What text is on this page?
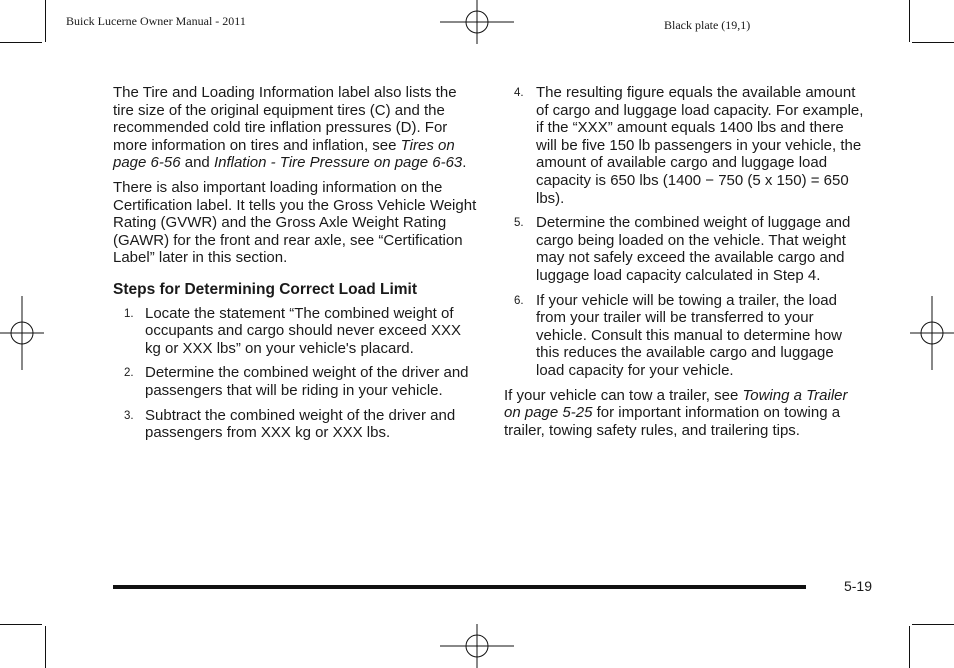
Buick Lucerne Owner Manual - 2011	Black plate (19,1)

The Tire and Loading Information label also lists the tire size of the original equipment tires (C) and the recommended cold tire inflation pressures (D). For more information on tires and inflation, see Tires on page 6-56 and Inflation - Tire Pressure on page 6-63.

There is also important loading information on the Certification label. It tells you the Gross Vehicle Weight Rating (GVWR) and the Gross Axle Weight Rating (GAWR) for the front and rear axle, see “Certification Label” later in this section.

Steps for Determining Correct Load Limit
1. Locate the statement “The combined weight of occupants and cargo should never exceed XXX kg or XXX lbs” on your vehicle's placard.
2. Determine the combined weight of the driver and passengers that will be riding in your vehicle.
3. Subtract the combined weight of the driver and passengers from XXX kg or XXX lbs.
4. The resulting figure equals the available amount of cargo and luggage load capacity. For example, if the “XXX” amount equals 1400 lbs and there will be five 150 lb passengers in your vehicle, the amount of available cargo and luggage load capacity is 650 lbs (1400 − 750 (5 x 150) = 650 lbs).
5. Determine the combined weight of luggage and cargo being loaded on the vehicle. That weight may not safely exceed the available cargo and luggage load capacity calculated in Step 4.
6. If your vehicle will be towing a trailer, the load from your trailer will be transferred to your vehicle. Consult this manual to determine how this reduces the available cargo and luggage load capacity for your vehicle.

If your vehicle can tow a trailer, see Towing a Trailer on page 5-25 for important information on towing a trailer, towing safety rules, and trailering tips.

5-19
